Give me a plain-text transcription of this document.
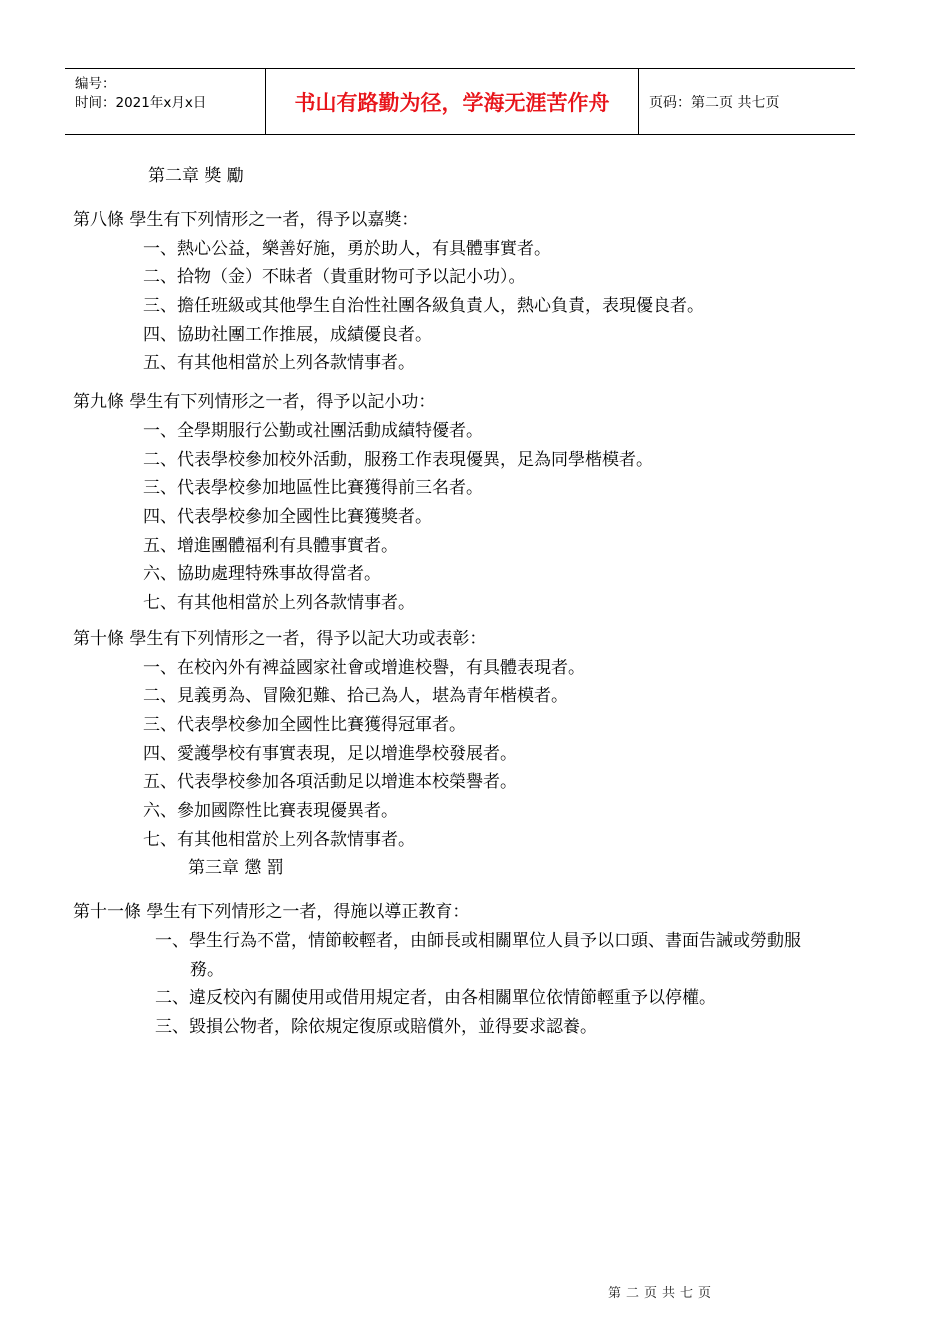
编号：
时间：2021年x月x日	书山有路勤为径，学海无涯苦作舟	页码：第二页 共七页
第二章 獎 勵
第八條 學生有下列情形之一者，得予以嘉獎：
一、熱心公益，樂善好施，勇於助人，有具體事實者。
二、拾物（金）不昧者（貴重財物可予以記小功）。
三、擔任班級或其他學生自治性社團各級負責人，熱心負責，表現優良者。
四、協助社團工作推展，成績優良者。
五、有其他相當於上列各款情事者。
第九條 學生有下列情形之一者，得予以記小功：
一、全學期服行公勤或社團活動成績特優者。
二、代表學校參加校外活動，服務工作表現優異，足為同學楷模者。
三、代表學校參加地區性比賽獲得前三名者。
四、代表學校參加全國性比賽獲獎者。
五、增進團體福利有具體事實者。
六、協助處理特殊事故得當者。
七、有其他相當於上列各款情事者。
第十條 學生有下列情形之一者，得予以記大功或表彰：
一、在校內外有裨益國家社會或增進校譽，有具體表現者。
二、見義勇為、冒險犯難、拾己為人，堪為青年楷模者。
三、代表學校參加全國性比賽獲得冠軍者。
四、愛護學校有事實表現，足以增進學校發展者。
五、代表學校參加各項活動足以增進本校榮譽者。
六、參加國際性比賽表現優異者。
七、有其他相當於上列各款情事者。
第三章 懲 罰
第十一條 學生有下列情形之一者，得施以導正教育：
一、學生行為不當，情節較輕者，由師長或相關單位人員予以口頭、書面告誡或勞動服
務。
二、違反校內有關使用或借用規定者，由各相關單位依情節輕重予以停權。
三、毀損公物者，除依規定復原或賠償外，並得要求認養。
第二页共七页
